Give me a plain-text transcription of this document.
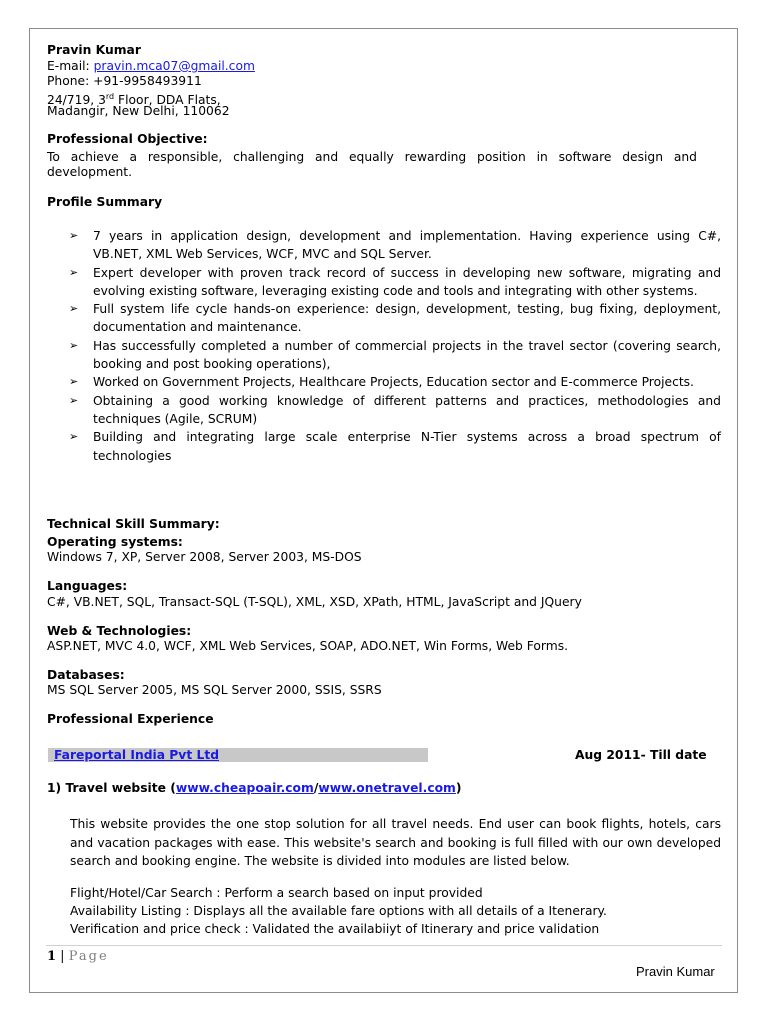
Pravin Kumar
E-mail: pravin.mca07@gmail.com
Phone: +91-9958493911
24/719, 3rd Floor, DDA Flats,
Madangir, New Delhi, 110062
Professional Objective:
To achieve a responsible, challenging and equally rewarding position in software design and development.
Profile Summary
➢ 7 years in application design, development and implementation. Having experience using C#, VB.NET, XML Web Services, WCF, MVC and SQL Server.
➢ Expert developer with proven track record of success in developing new software, migrating and evolving existing software, leveraging existing code and tools and integrating with other systems.
➢ Full system life cycle hands-on experience: design, development, testing, bug fixing, deployment, documentation and maintenance.
➢ Has successfully completed a number of commercial projects in the travel sector (covering search, booking and post booking operations),
➢ Worked on Government Projects, Healthcare Projects, Education sector and E-commerce Projects.
➢ Obtaining a good working knowledge of different patterns and practices, methodologies and techniques (Agile, SCRUM)
➢ Building and integrating large scale enterprise N-Tier systems across a broad spectrum of technologies
Technical Skill Summary:
Operating systems:
Windows 7, XP, Server 2008, Server 2003, MS-DOS
Languages:
C#, VB.NET, SQL, Transact-SQL (T-SQL), XML, XSD, XPath, HTML, JavaScript and JQuery
Web & Technologies:
ASP.NET, MVC 4.0, WCF, XML Web Services, SOAP, ADO.NET, Win Forms, Web Forms.
Databases:
MS SQL Server 2005, MS SQL Server 2000, SSIS, SSRS
Professional Experience
Fareportal India Pvt Ltd	Aug 2011- Till date
1) Travel website (www.cheapoair.com/www.onetravel.com)
This website provides the one stop solution for all travel needs. End user can book flights, hotels, cars and vacation packages with ease. This website's search and booking is full filled with our own developed search and booking engine. The website is divided into modules are listed below.
Flight/Hotel/Car Search : Perform a search based on input provided
Availability Listing : Displays all the available fare options with all details of a Itenerary.
Verification and price check : Validated the availabiiyt of Itinerary and price validation
1 | Page
Pravin Kumar
